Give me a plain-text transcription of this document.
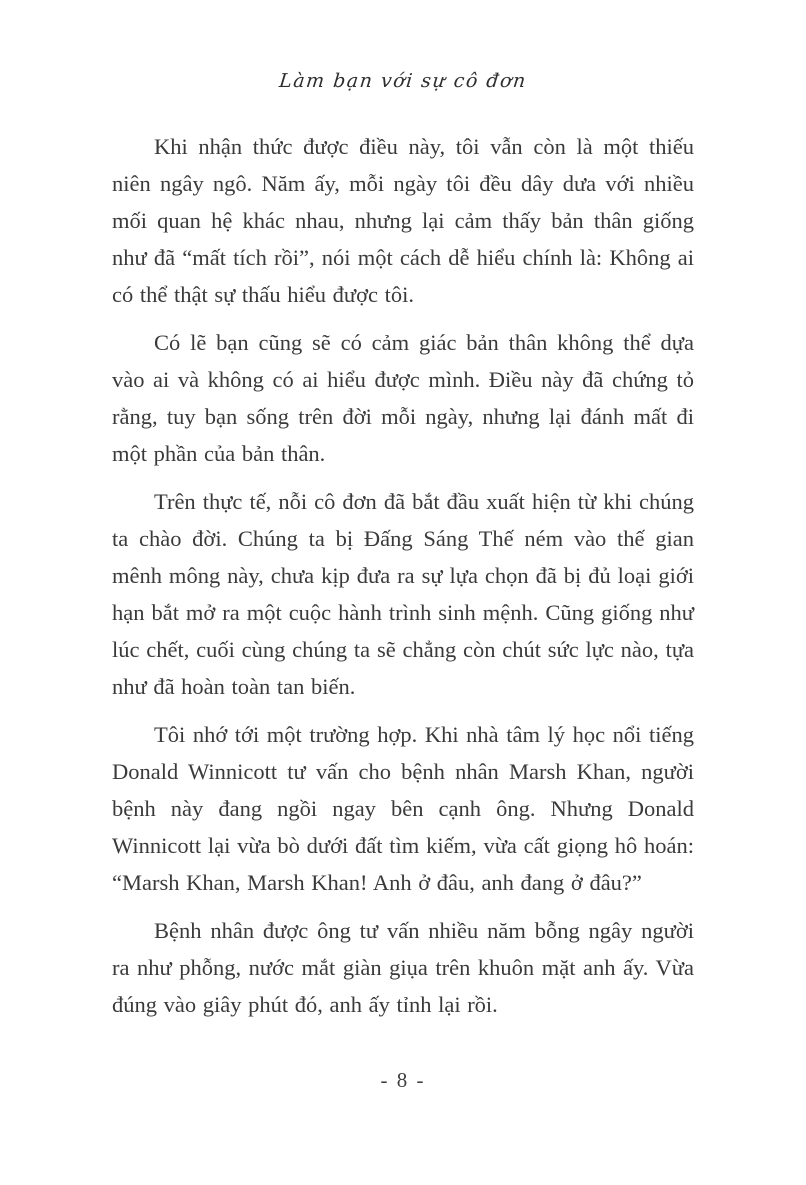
Làm bạn với sự cô đơn

Khi nhận thức được điều này, tôi vẫn còn là một thiếu niên ngây ngô. Năm ấy, mỗi ngày tôi đều dây dưa với nhiều mối quan hệ khác nhau, nhưng lại cảm thấy bản thân giống như đã “mất tích rồi”, nói một cách dễ hiểu chính là: Không ai có thể thật sự thấu hiểu được tôi.

Có lẽ bạn cũng sẽ có cảm giác bản thân không thể dựa vào ai và không có ai hiểu được mình. Điều này đã chứng tỏ rằng, tuy bạn sống trên đời mỗi ngày, nhưng lại đánh mất đi một phần của bản thân.

Trên thực tế, nỗi cô đơn đã bắt đầu xuất hiện từ khi chúng ta chào đời. Chúng ta bị Đấng Sáng Thế ném vào thế gian mênh mông này, chưa kịp đưa ra sự lựa chọn đã bị đủ loại giới hạn bắt mở ra một cuộc hành trình sinh mệnh. Cũng giống như lúc chết, cuối cùng chúng ta sẽ chẳng còn chút sức lực nào, tựa như đã hoàn toàn tan biến.

Tôi nhớ tới một trường hợp. Khi nhà tâm lý học nổi tiếng Donald Winnicott tư vấn cho bệnh nhân Marsh Khan, người bệnh này đang ngồi ngay bên cạnh ông. Nhưng Donald Winnicott lại vừa bò dưới đất tìm kiếm, vừa cất giọng hô hoán: “Marsh Khan, Marsh Khan! Anh ở đâu, anh đang ở đâu?”

Bệnh nhân được ông tư vấn nhiều năm bỗng ngây người ra như phỗng, nước mắt giàn giụa trên khuôn mặt anh ấy. Vừa đúng vào giây phút đó, anh ấy tỉnh lại rồi.

- 8 -
